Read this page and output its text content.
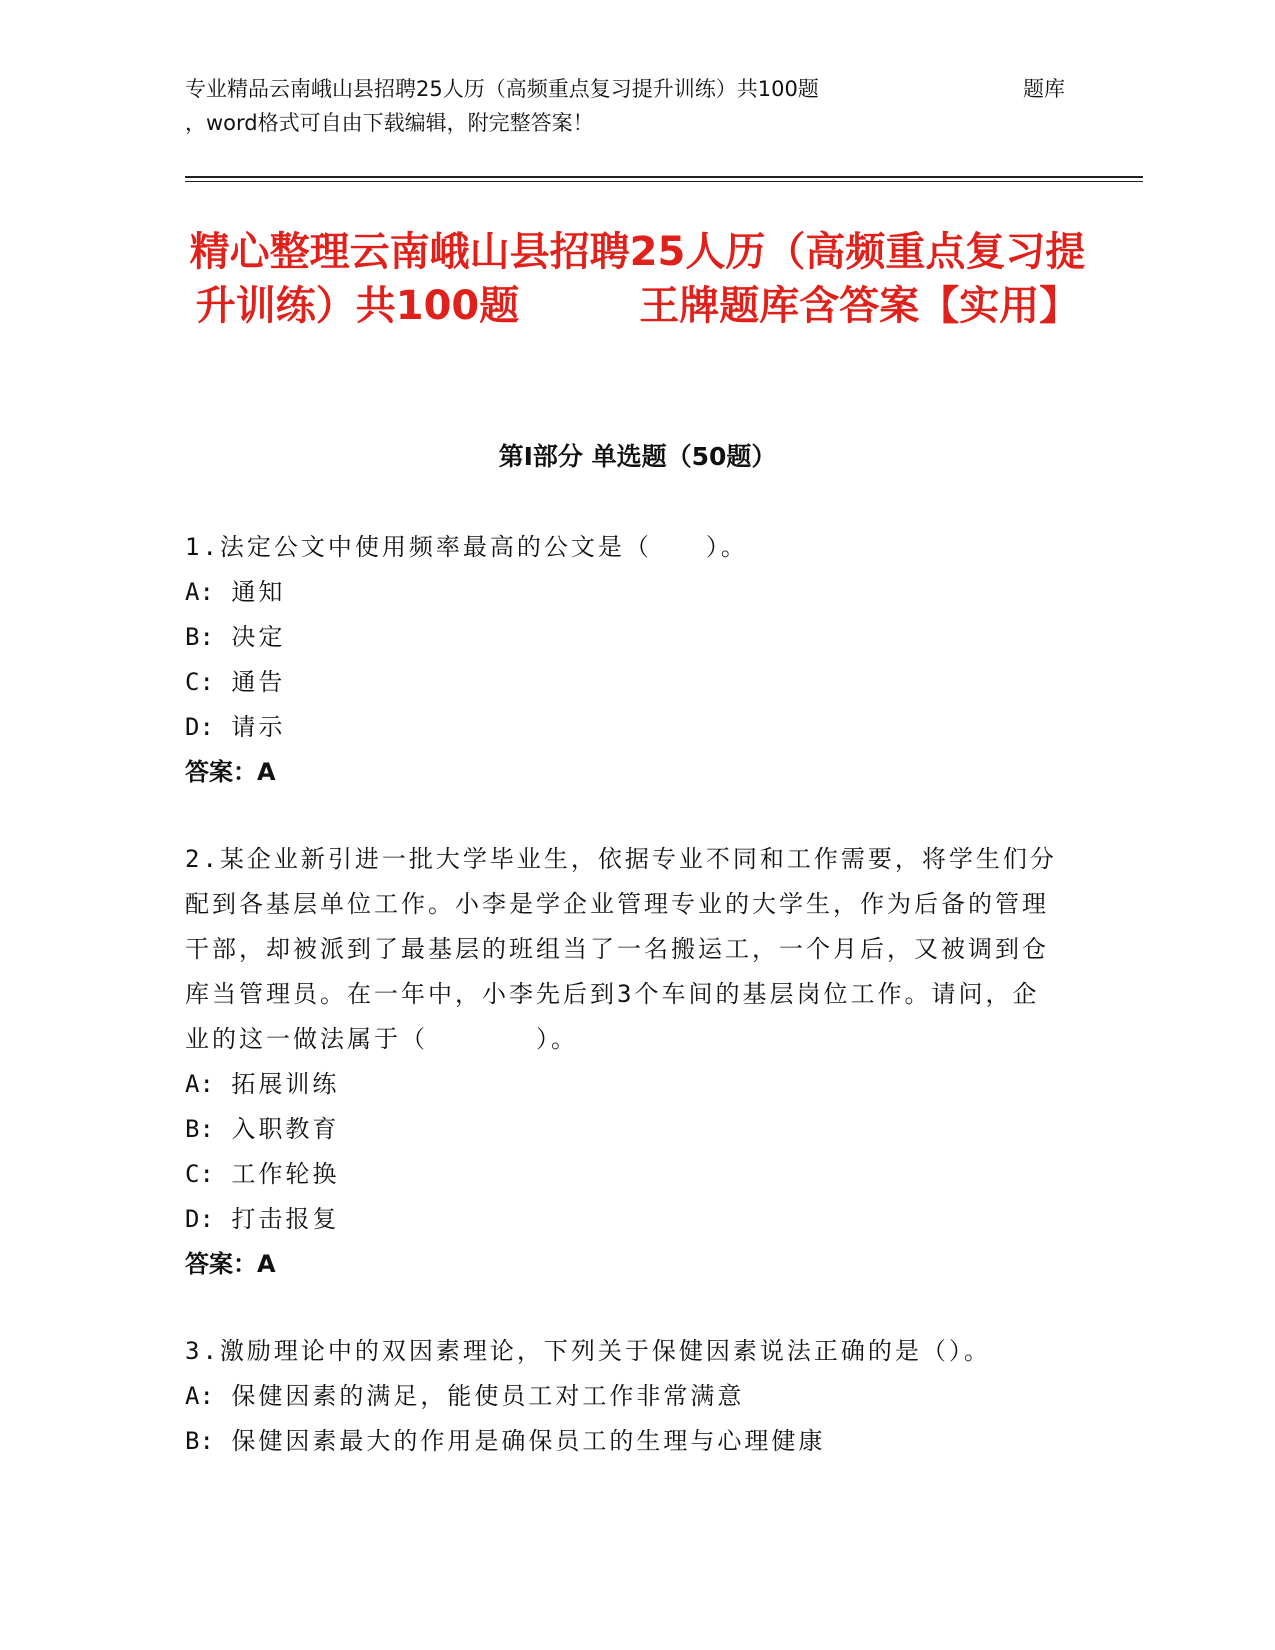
专业精品云南峨山县招聘25人历（高频重点复习提升训练）共100题	题库
，word格式可自由下载编辑，附完整答案！
精心整理云南峨山县招聘25人历（高频重点复习提升训练）共100题	王牌题库含答案【实用】
第Ⅰ部分 单选题（50题）
1.法定公文中使用频率最高的公文是（　　）。
A: 通知
B: 决定
C: 通告
D: 请示
答案：A
2.某企业新引进一批大学毕业生，依据专业不同和工作需要，将学生们分配到各基层单位工作。小李是学企业管理专业的大学生，作为后备的管理干部，却被派到了最基层的班组当了一名搬运工，一个月后，又被调到仓库当管理员。在一年中，小李先后到3个车间的基层岗位工作。请问，企业的这一做法属于（　　　　）。
A: 拓展训练
B: 入职教育
C: 工作轮换
D: 打击报复
答案：A
3.激励理论中的双因素理论，下列关于保健因素说法正确的是（）。
A: 保健因素的满足，能使员工对工作非常满意
B: 保健因素最大的作用是确保员工的生理与心理健康
